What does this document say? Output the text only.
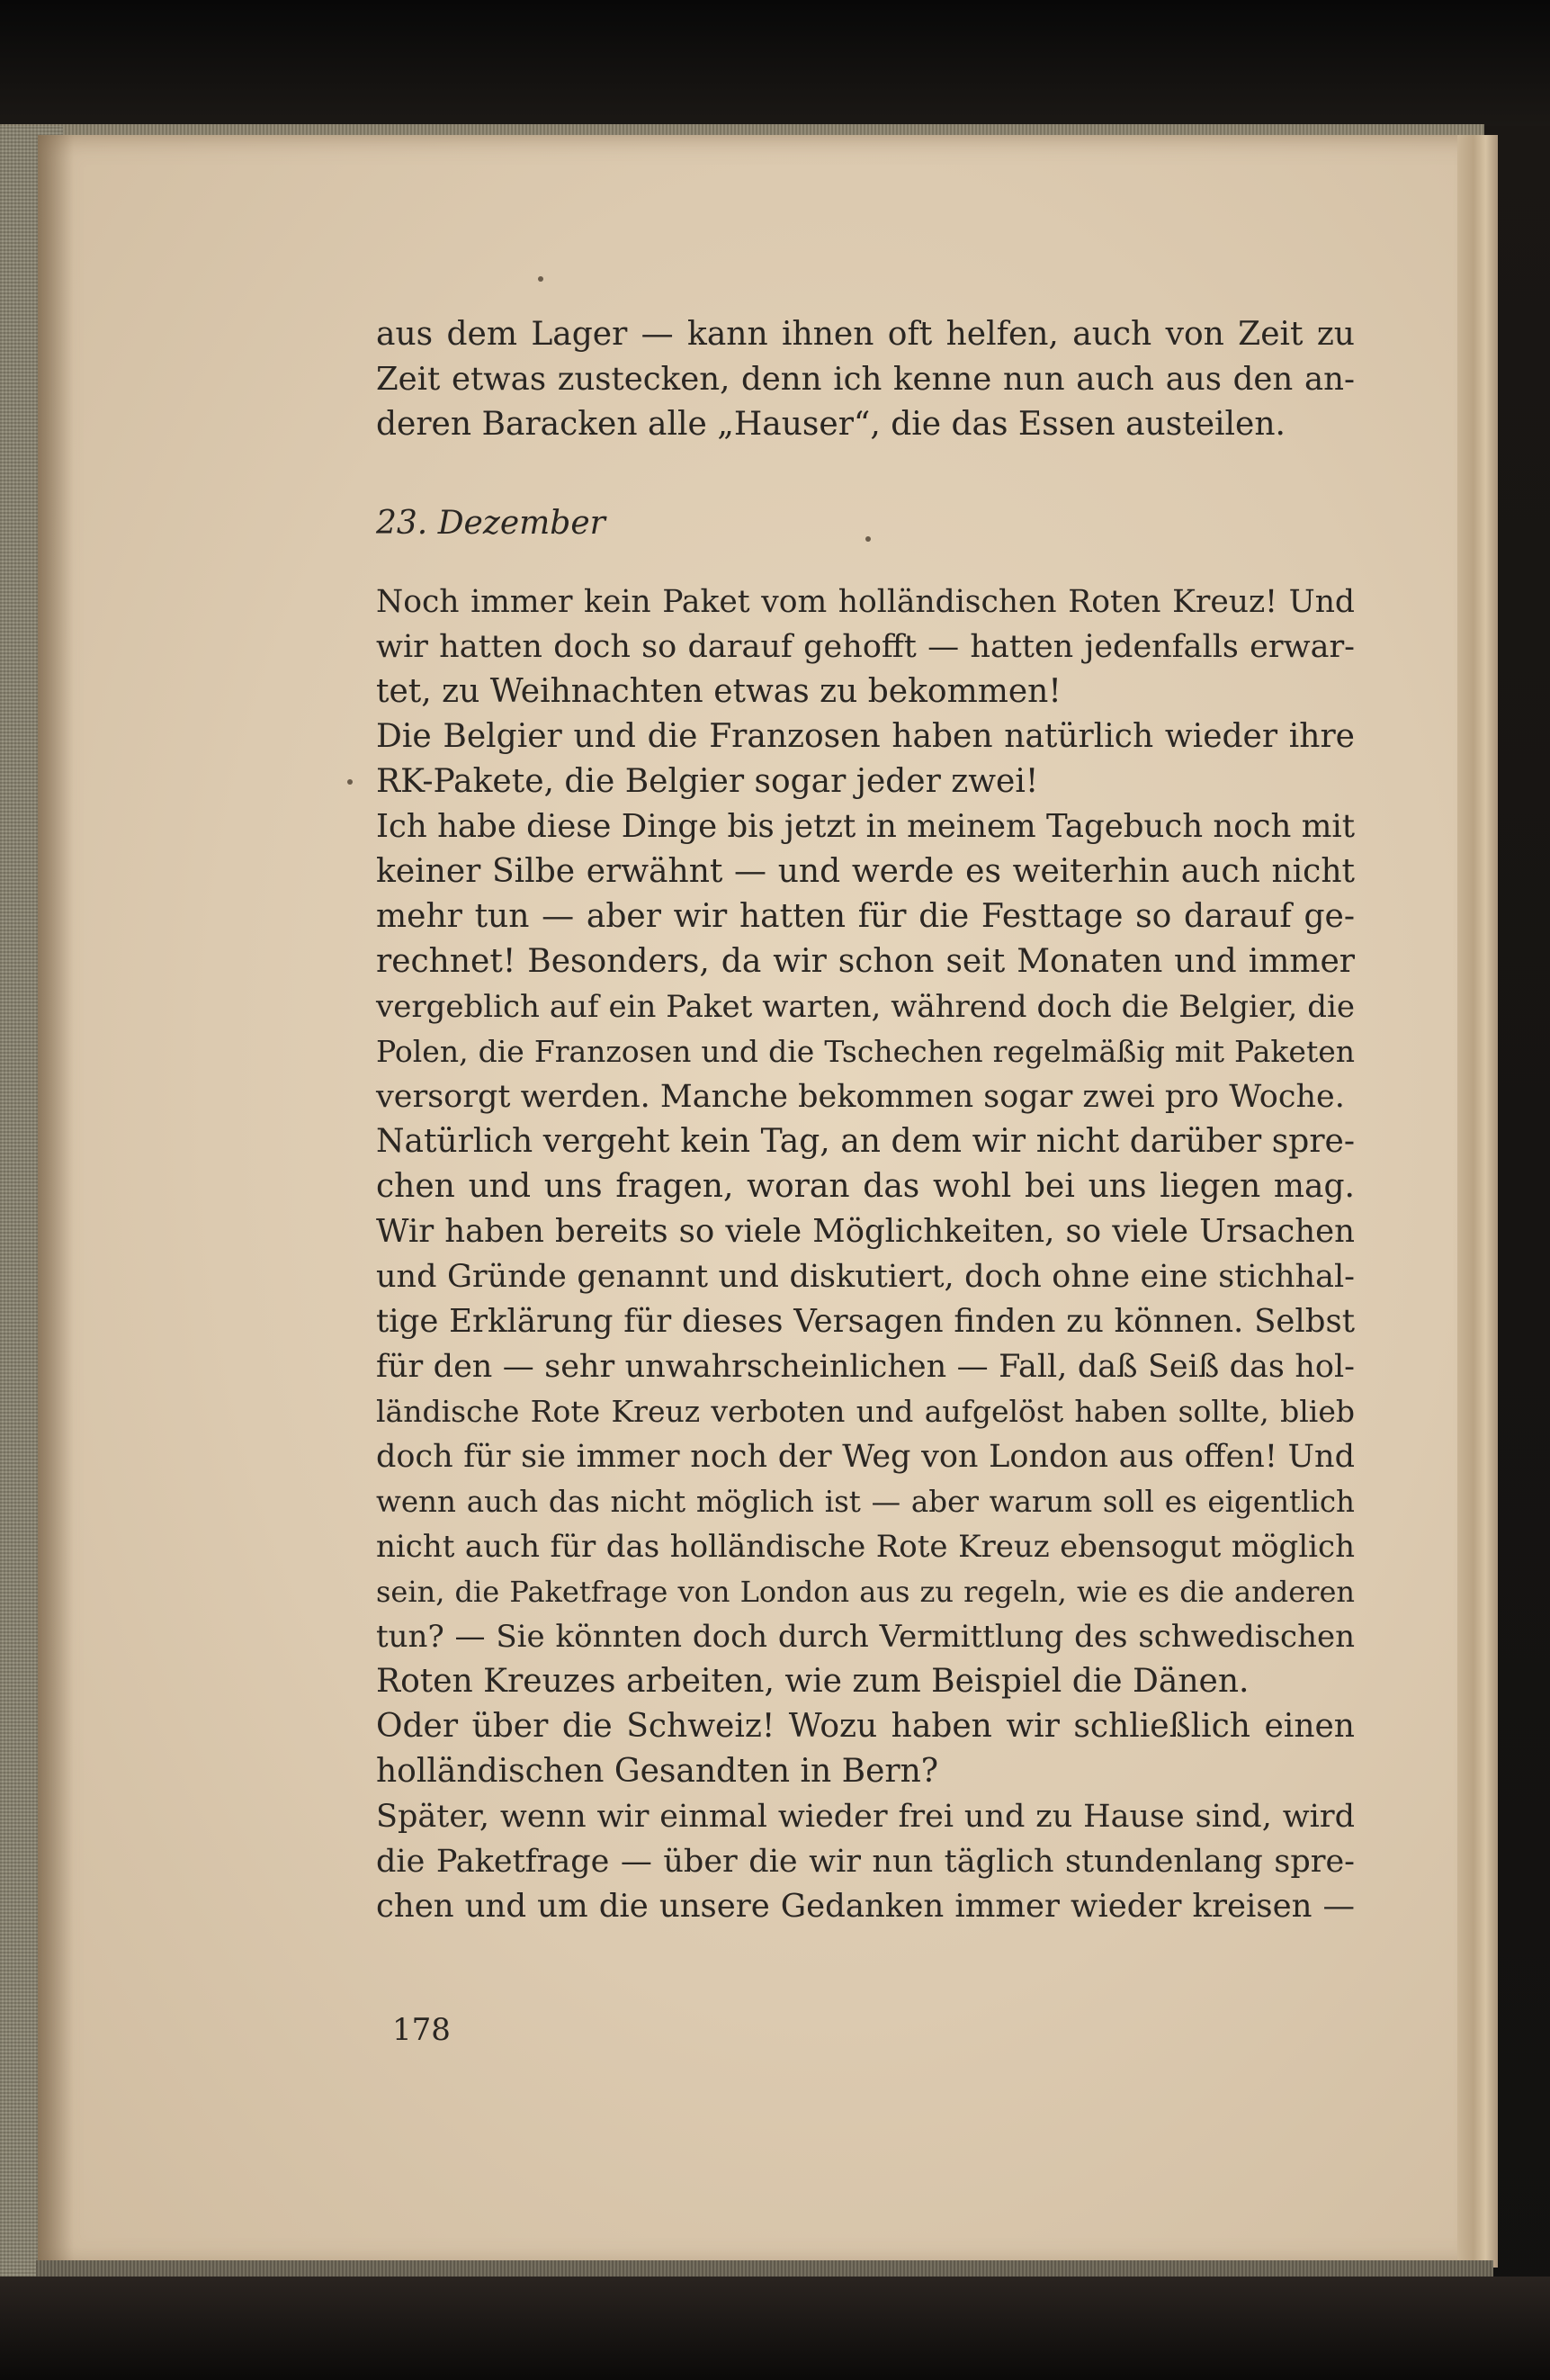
aus dem Lager — kann ihnen oft helfen, auch von Zeit zu
Zeit etwas zustecken, denn ich kenne nun auch aus den an-
deren Baracken alle „Hauser“, die das Essen austeilen.
23. Dezember
Noch immer kein Paket vom holländischen Roten Kreuz! Und
wir hatten doch so darauf gehofft — hatten jedenfalls erwar-
tet, zu Weihnachten etwas zu bekommen!
Die Belgier und die Franzosen haben natürlich wieder ihre
RK-Pakete, die Belgier sogar jeder zwei!
Ich habe diese Dinge bis jetzt in meinem Tagebuch noch mit
keiner Silbe erwähnt — und werde es weiterhin auch nicht
mehr tun — aber wir hatten für die Festtage so darauf ge-
rechnet! Besonders, da wir schon seit Monaten und immer
vergeblich auf ein Paket warten, während doch die Belgier, die
Polen, die Franzosen und die Tschechen regelmäßig mit Paketen
versorgt werden. Manche bekommen sogar zwei pro Woche.
Natürlich vergeht kein Tag, an dem wir nicht darüber spre-
chen und uns fragen, woran das wohl bei uns liegen mag.
Wir haben bereits so viele Möglichkeiten, so viele Ursachen
und Gründe genannt und diskutiert, doch ohne eine stichhal-
tige Erklärung für dieses Versagen finden zu können. Selbst
für den — sehr unwahrscheinlichen — Fall, daß Seiß das hol-
ländische Rote Kreuz verboten und aufgelöst haben sollte, blieb
doch für sie immer noch der Weg von London aus offen! Und
wenn auch das nicht möglich ist — aber warum soll es eigentlich
nicht auch für das holländische Rote Kreuz ebensogut möglich
sein, die Paketfrage von London aus zu regeln, wie es die anderen
tun? — Sie könnten doch durch Vermittlung des schwedischen
Roten Kreuzes arbeiten, wie zum Beispiel die Dänen.
Oder über die Schweiz! Wozu haben wir schließlich einen
holländischen Gesandten in Bern?
Später, wenn wir einmal wieder frei und zu Hause sind, wird
die Paketfrage — über die wir nun täglich stundenlang spre-
chen und um die unsere Gedanken immer wieder kreisen —
178
